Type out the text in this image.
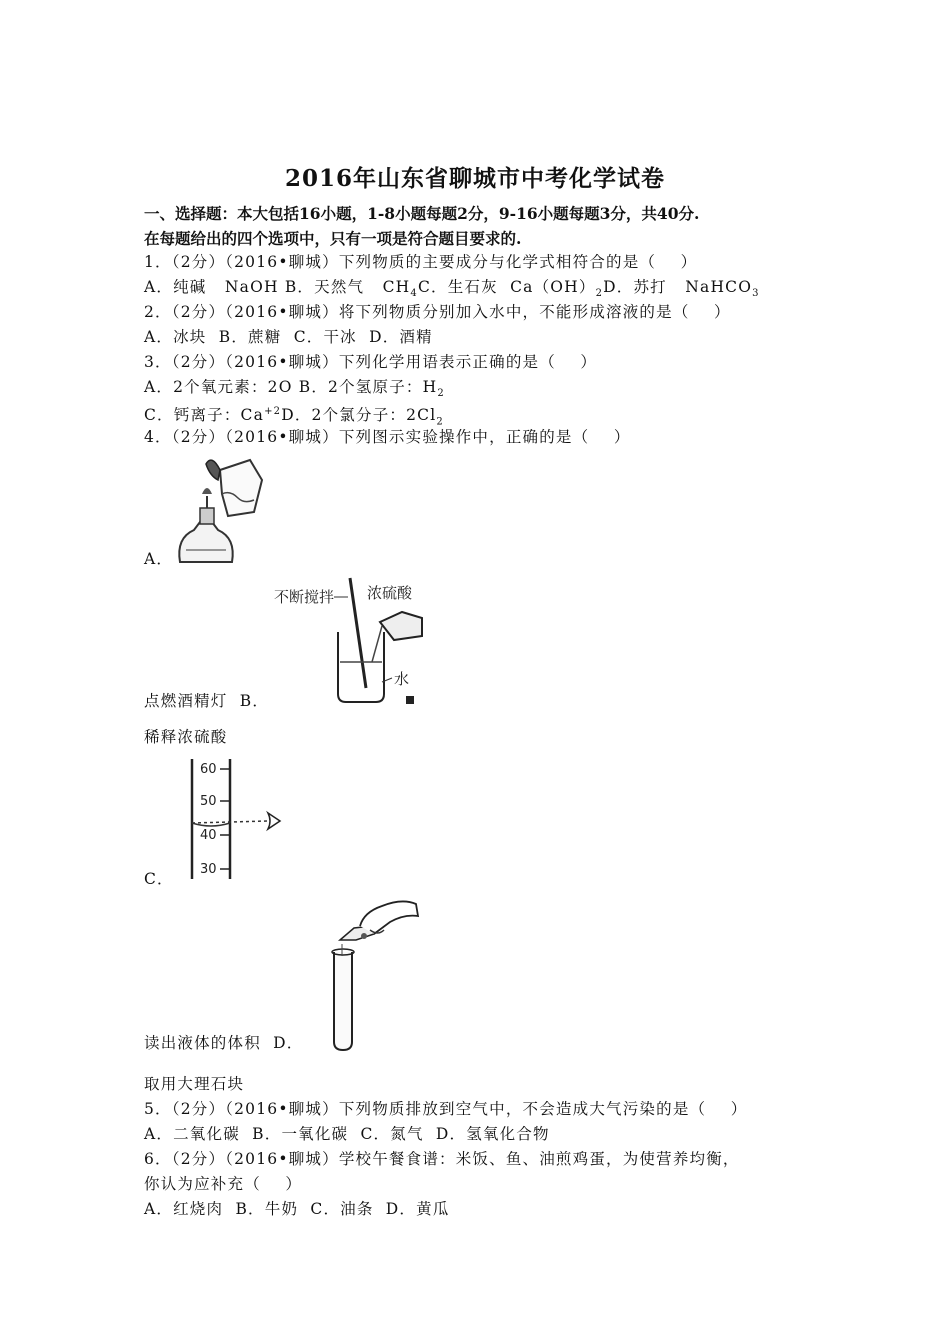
2016年山东省聊城市中考化学试卷
一、选择题：本大包括16小题，1-8小题每题2分，9-16小题每题3分，共40分.
在每题给出的四个选项中，只有一项是符合题目要求的.
1．（2分）（2016•聊城）下列物质的主要成分与化学式相符合的是（    ）
A．纯碱   NaOH B．天然气   $CH_4C$．生石灰  $Ca(OH)_2D$．苏打   NaHCO$_3$
2．（2分）（2016•聊城）将下列物质分别加入水中，不能形成溶液的是（    ）
A．冰块  B．蔗糖  C．干冰  D．酒精
3．（2分）（2016•聊城）下列化学用语表示正确的是（    ）
A．2个氧元素：2O B．2个氢原子：$H_2$
C．钙离子：$Ca^{+2}D$．2个氯分子：$2Cl_2$
4．（2分）（2016•聊城）下列图示实验操作中，正确的是（    ）
A．
不断搅拌 浓硫酸
水
点燃酒精灯  B．
稀释浓硫酸
60
50
40
30
C．
读出液体的体积  D．
取用大理石块
5．（2分）（2016•聊城）下列物质排放到空气中，不会造成大气污染的是（    ）
A．二氧化碳  B．一氧化碳  C．氮气  D．氢氧化合物
6．（2分）（2016•聊城）学校午餐食谱：米饭、鱼、油煎鸡蛋，为使营养均衡，
你认为应补充（    ）
A．红烧肉  B．牛奶  C．油条  D．黄瓜
